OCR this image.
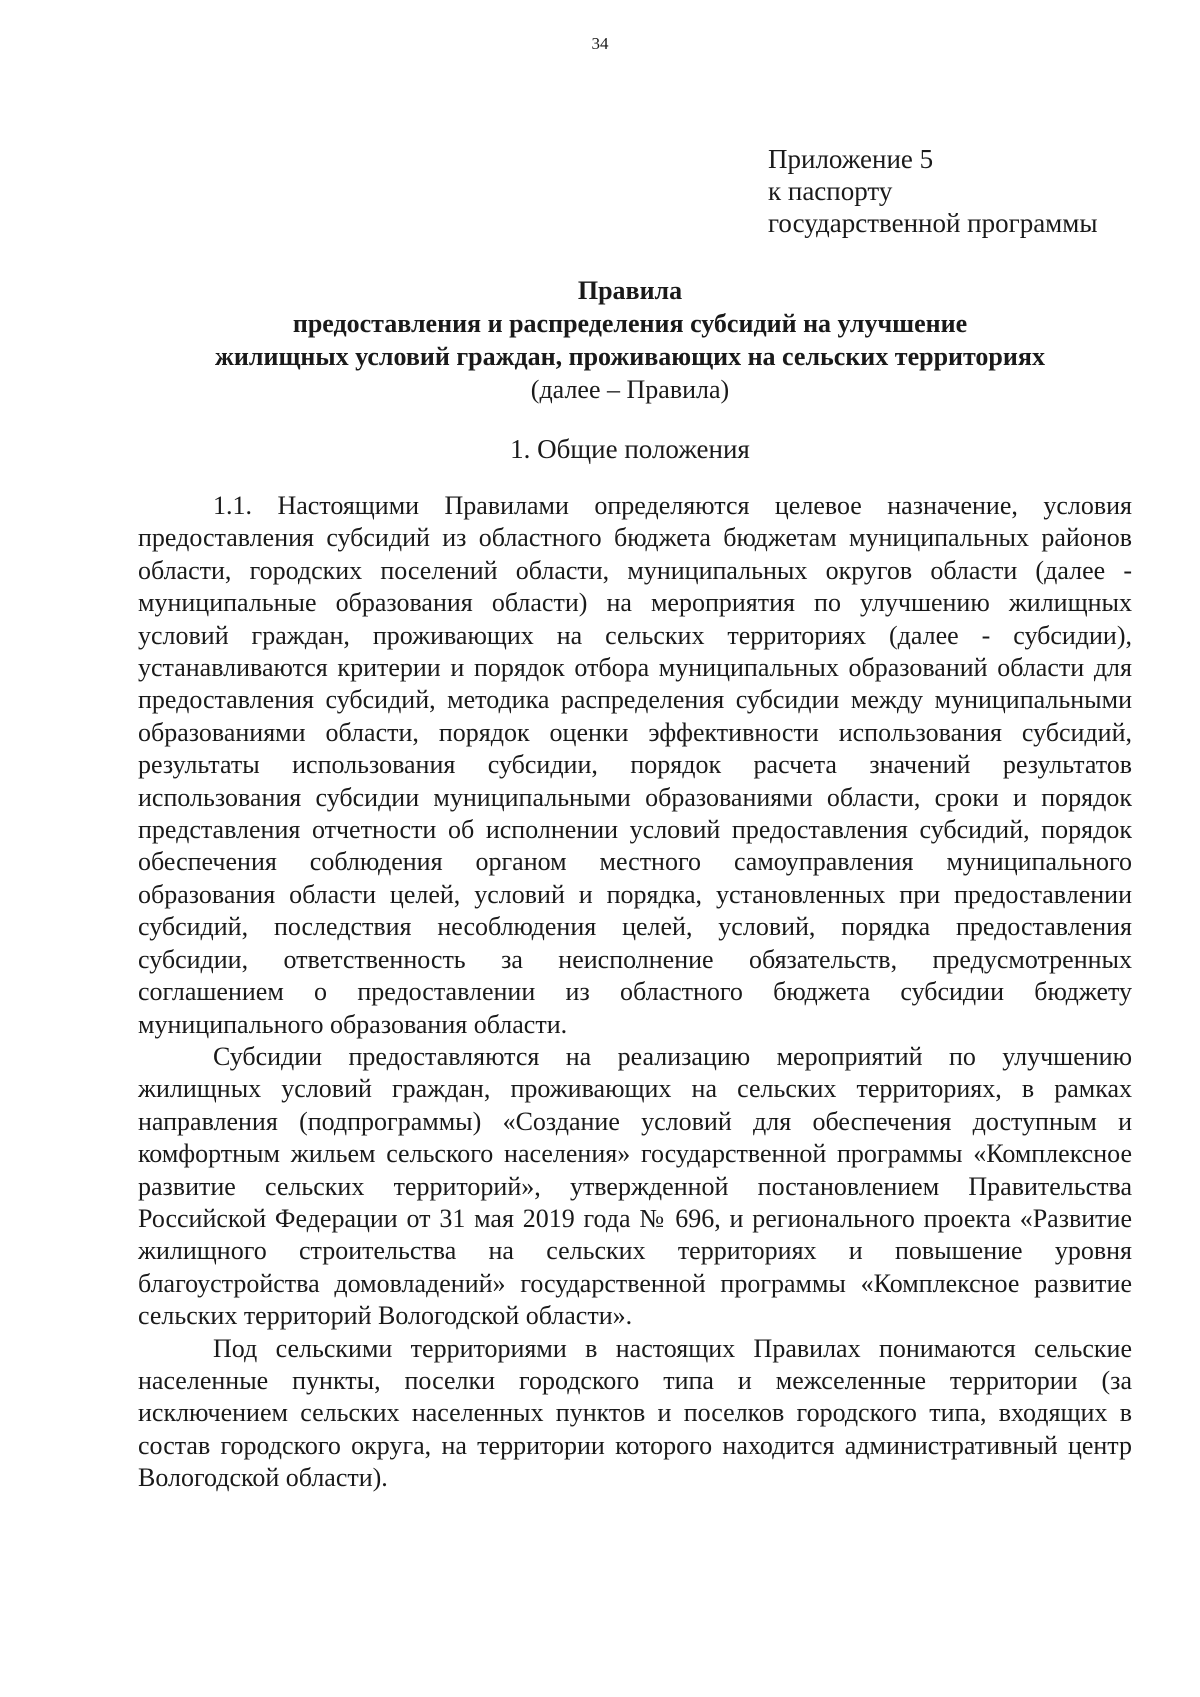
34
Приложение 5
к паспорту
государственной программы
Правила
предоставления и распределения субсидий на улучшение
жилищных условий граждан, проживающих на сельских территориях
(далее – Правила)
1. Общие положения

1.1. Настоящими Правилами определяются целевое назначение, условия предоставления субсидий из областного бюджета бюджетам муниципальных районов области, городских поселений области, муниципальных округов области (далее - муниципальные образования области) на мероприятия по улучшению жилищных условий граждан, проживающих на сельских территориях (далее - субсидии), устанавливаются критерии и порядок отбора муниципальных образований области для предоставления субсидий, методика распределения субсидии между муниципальными образованиями области, порядок оценки эффективности использования субсидий, результаты использования субсидии, порядок расчета значений результатов использования субсидии муниципальными образованиями области, сроки и порядок представления отчетности об исполнении условий предоставления субсидий, порядок обеспечения соблюдения органом местного самоуправления муниципального образования области целей, условий и порядка, установленных при предоставлении субсидий, последствия несоблюдения целей, условий, порядка предоставления субсидии, ответственность за неисполнение обязательств, предусмотренных соглашением о предоставлении из областного бюджета субсидии бюджету муниципального образования области.

Субсидии предоставляются на реализацию мероприятий по улучшению жилищных условий граждан, проживающих на сельских территориях, в рамках направления (подпрограммы) «Создание условий для обеспечения доступным и комфортным жильем сельского населения» государственной программы «Комплексное развитие сельских территорий», утвержденной постановлением Правительства Российской Федерации от 31 мая 2019 года № 696, и регионального проекта «Развитие жилищного строительства на сельских территориях и повышение уровня благоустройства домовладений» государственной программы «Комплексное развитие сельских территорий Вологодской области».

Под сельскими территориями в настоящих Правилах понимаются сельские населенные пункты, поселки городского типа и межселенные территории (за исключением сельских населенных пунктов и поселков городского типа, входящих в состав городского округа, на территории которого находится административный центр Вологодской области).
